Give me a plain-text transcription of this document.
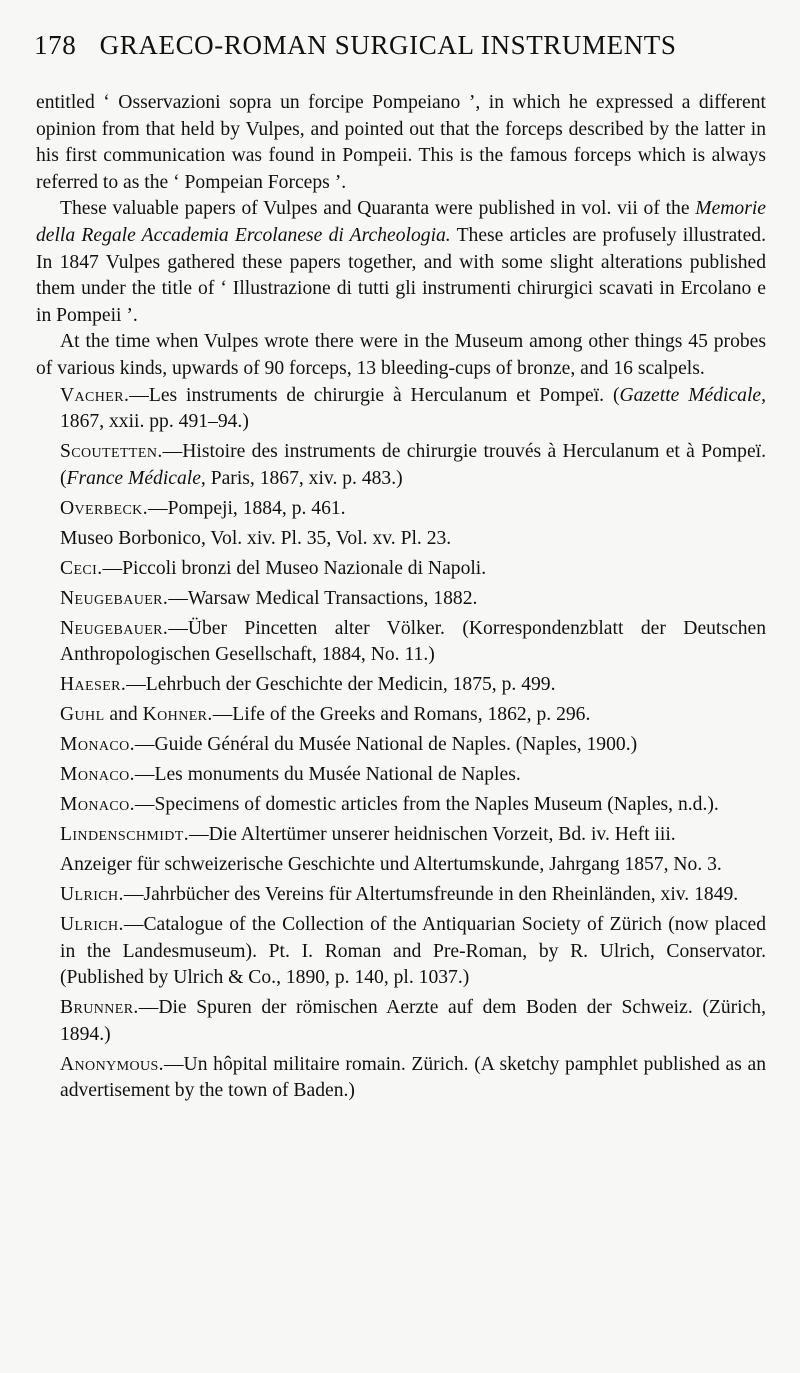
178 GRAECO-ROMAN SURGICAL INSTRUMENTS

entitled ‘ Osservazioni sopra un forcipe Pompeiano ’, in which he expressed a different opinion from that held by Vulpes, and pointed out that the forceps described by the latter in his first communication was found in Pompeii. This is the famous forceps which is always referred to as the ‘ Pompeian Forceps ’.

These valuable papers of Vulpes and Quaranta were published in vol. vii of the Memorie della Regale Accademia Ercolanese di Archeologia. These articles are profusely illustrated. In 1847 Vulpes gathered these papers together, and with some slight alterations published them under the title of ‘ Illustrazione di tutti gli instrumenti chirurgici scavati in Ercolano e in Pompeii ’.

At the time when Vulpes wrote there were in the Museum among other things 45 probes of various kinds, upwards of 90 forceps, 13 bleeding-cups of bronze, and 16 scalpels.

Vacher.—Les instruments de chirurgie à Herculanum et Pompeï. (Gazette Médicale, 1867, xxii. pp. 491–94.)

Scoutetten.—Histoire des instruments de chirurgie trouvés à Herculanum et à Pompeï. (France Médicale, Paris, 1867, xiv. p. 483.)

Overbeck.—Pompeji, 1884, p. 461.

Museo Borbonico, Vol. xiv. Pl. 35, Vol. xv. Pl. 23.

Ceci.—Piccoli bronzi del Museo Nazionale di Napoli.

Neugebauer.—Warsaw Medical Transactions, 1882.

Neugebauer.—Über Pincetten alter Völker. (Korrespondenzblatt der Deutschen Anthropologischen Gesellschaft, 1884, No. 11.)

Haeser.—Lehrbuch der Geschichte der Medicin, 1875, p. 499.

Guhl and Kohner.—Life of the Greeks and Romans, 1862, p. 296.

Monaco.—Guide Général du Musée National de Naples. (Naples, 1900.)

Monaco.—Les monuments du Musée National de Naples.

Monaco.—Specimens of domestic articles from the Naples Museum (Naples, n.d.).

Lindenschmidt.—Die Altertümer unserer heidnischen Vorzeit, Bd. iv. Heft iii.

Anzeiger für schweizerische Geschichte und Altertumskunde, Jahrgang 1857, No. 3.

Ulrich.—Jahrbücher des Vereins für Altertumsfreunde in den Rheinländen, xiv. 1849.

Ulrich.—Catalogue of the Collection of the Antiquarian Society of Zürich (now placed in the Landesmuseum). Pt. I. Roman and Pre-Roman, by R. Ulrich, Conservator. (Published by Ulrich & Co., 1890, p. 140, pl. 1037.)

Brunner.—Die Spuren der römischen Aerzte auf dem Boden der Schweiz. (Zürich, 1894.)

Anonymous.—Un hôpital militaire romain. Zürich. (A sketchy pamphlet published as an advertisement by the town of Baden.)
